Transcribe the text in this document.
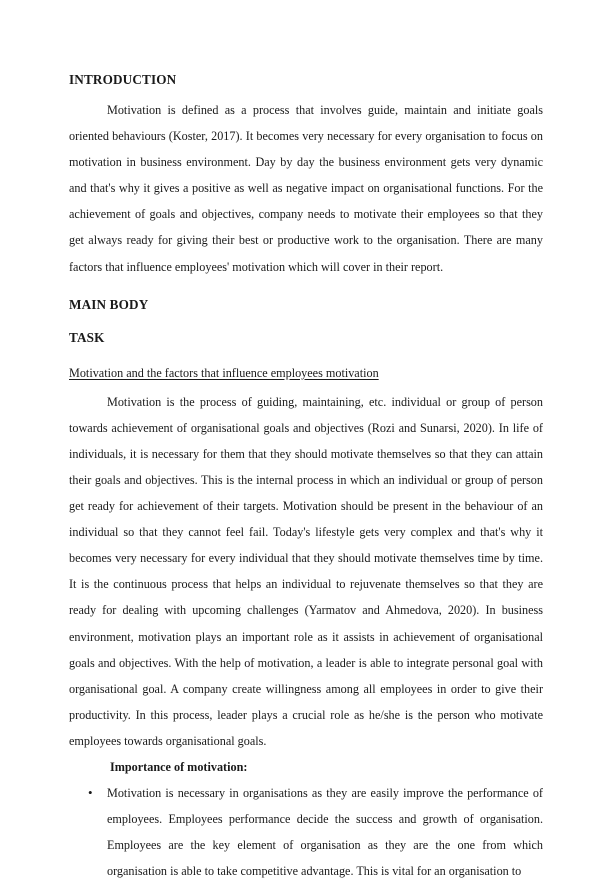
INTRODUCTION

Motivation is defined as a process that involves guide, maintain and initiate goals oriented behaviours (Koster, 2017). It becomes very necessary for every organisation to focus on motivation in business environment. Day by day the business environment gets very dynamic and that's why it gives a positive as well as negative impact on organisational functions. For the achievement of goals and objectives, company needs to motivate their employees so that they get always ready for giving their best or productive work to the organisation. There are many factors that influence employees' motivation which will cover in their report.

MAIN BODY
TASK
Motivation and the factors that influence employees motivation

Motivation is the process of guiding, maintaining, etc. individual or group of person towards achievement of organisational goals and objectives (Rozi and Sunarsi, 2020). In life of individuals, it is necessary for them that they should motivate themselves so that they can attain their goals and objectives. This is the internal process in which an individual or group of person get ready for achievement of their targets. Motivation should be present in the behaviour of an individual so that they cannot feel fail. Today's lifestyle gets very complex and that's why it becomes very necessary for every individual that they should motivate themselves time by time. It is the continuous process that helps an individual to rejuvenate themselves so that they are ready for dealing with upcoming challenges (Yarmatov and Ahmedova, 2020). In business environment, motivation plays an important role as it assists in achievement of organisational goals and objectives. With the help of motivation, a leader is able to integrate personal goal with organisational goal. A company create willingness among all employees in order to give their productivity. In this process, leader plays a crucial role as he/she is the person who motivate employees towards organisational goals.

Importance of motivation:
• Motivation is necessary in organisations as they are easily improve the performance of employees. Employees performance decide the success and growth of organisation. Employees are the key element of organisation as they are the one from which organisation is able to take competitive advantage. This is vital for an organisation to
